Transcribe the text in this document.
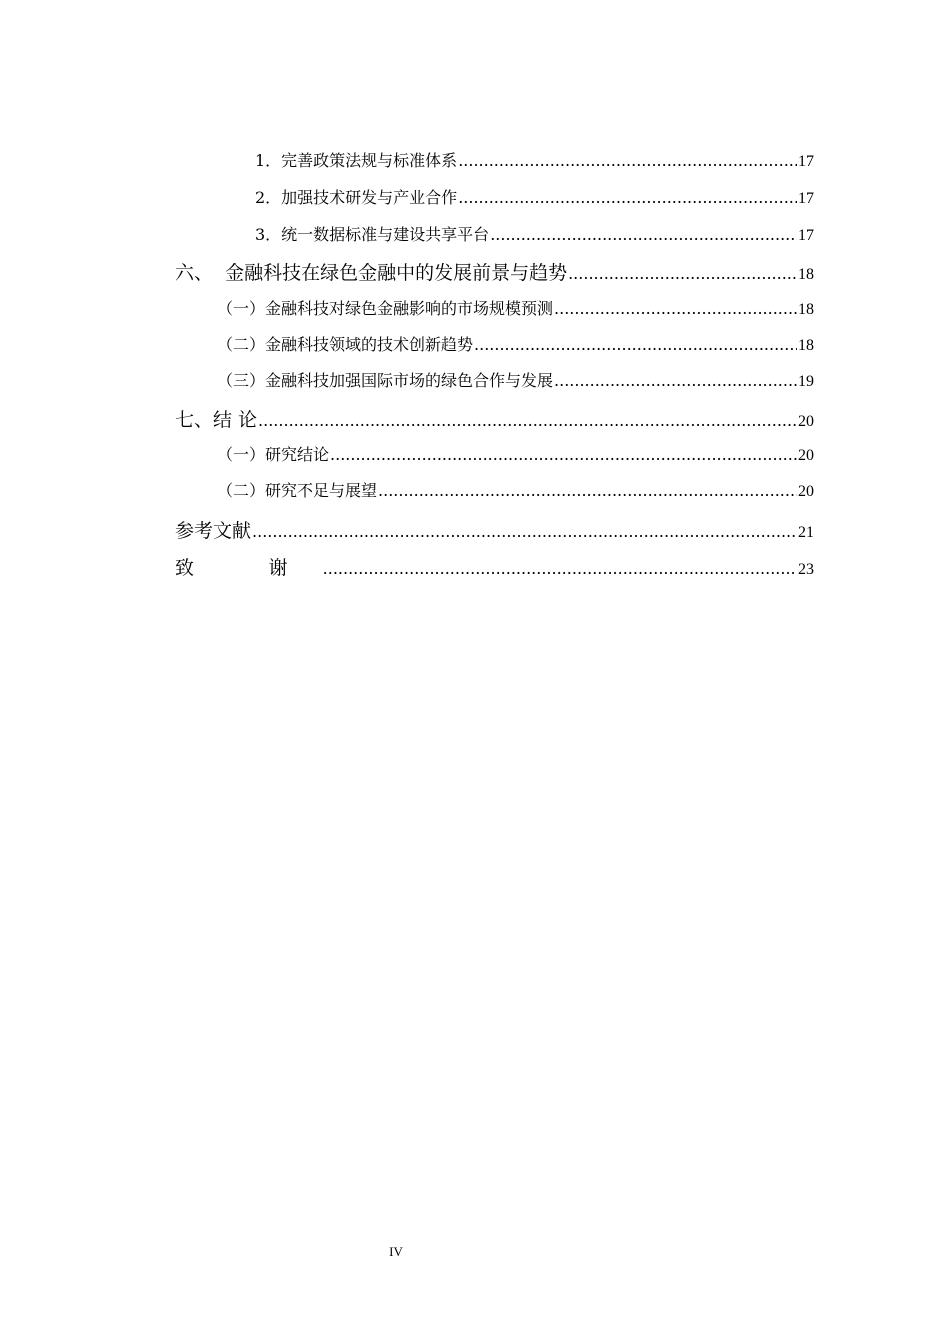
1．完善政策法规与标准体系 .....	17
2．加强技术研发与产业合作 .....	17
3．统一数据标准与建设共享平台 .....	17
六、  金融科技在绿色金融中的发展前景与趋势 .....	18
（一）金融科技对绿色金融影响的市场规模预测 .....	18
（二）金融科技领域的技术创新趋势 .....	18
（三）金融科技加强国际市场的绿色合作与发展 .....	19
七、结 论 .....	20
（一）研究结论 .....	20
（二）研究不足与展望 .....	20
参考文献 .....	21
致 谢 .....	23
IV
